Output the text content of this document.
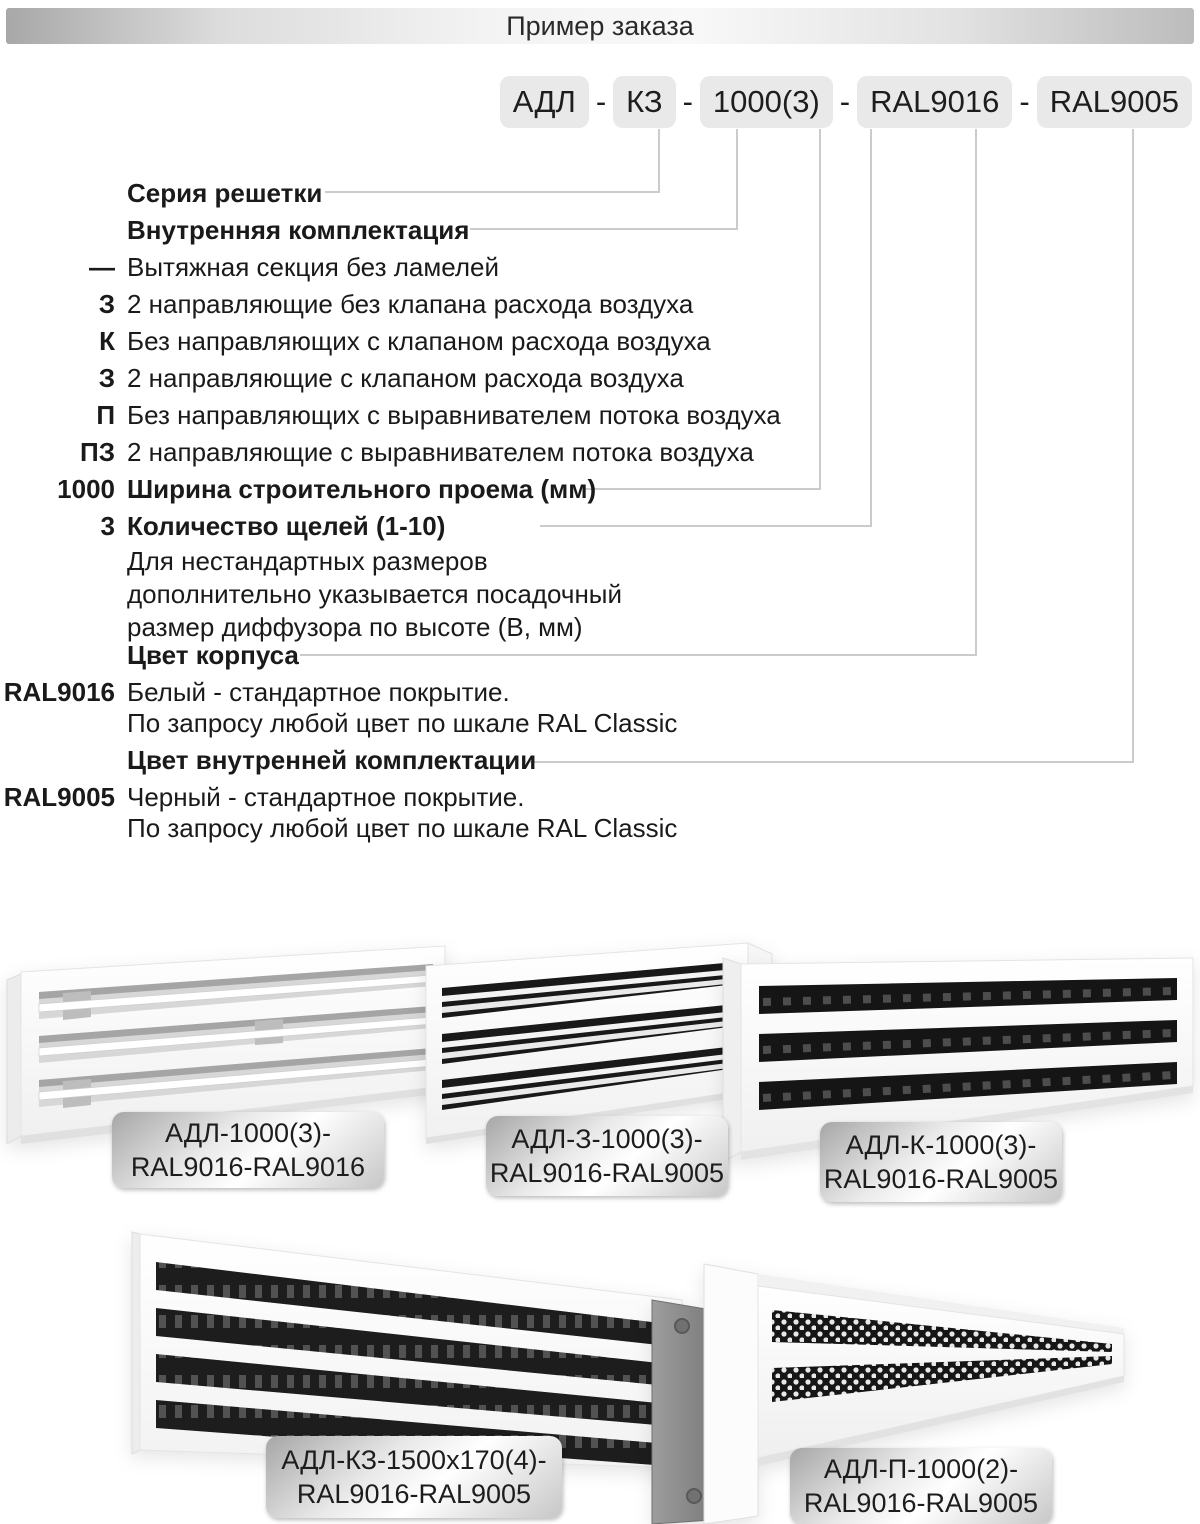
Пример заказа
АДЛ - КЗ - 1000(3) - RAL9016 - RAL9005
Серия решетки
Внутренняя комплектация
— Вытяжная секция без ламелей
З 2 направляющие без клапана расхода воздуха
К Без направляющих с клапаном расхода воздуха
З 2 направляющие с клапаном расхода воздуха
П Без направляющих с выравнивателем потока воздуха
ПЗ 2 направляющие с выравнивателем потока воздуха
1000 Ширина строительного проема (мм)
3 Количество щелей (1-10)
Для нестандартных размеров
дополнительно указывается посадочный
размер диффузора по высоте (В, мм)
Цвет корпуса
RAL9016 Белый - стандартное покрытие.
По запросу любой цвет по шкале RAL Classic
Цвет внутренней комплектации
RAL9005 Черный - стандартное покрытие.
По запросу любой цвет по шкале RAL Classic
АДЛ-1000(3)-
RAL9016-RAL9016
АДЛ-З-1000(3)-
RAL9016-RAL9005
АДЛ-К-1000(3)-
RAL9016-RAL9005
АДЛ-КЗ-1500х170(4)-
RAL9016-RAL9005
АДЛ-П-1000(2)-
RAL9016-RAL9005
